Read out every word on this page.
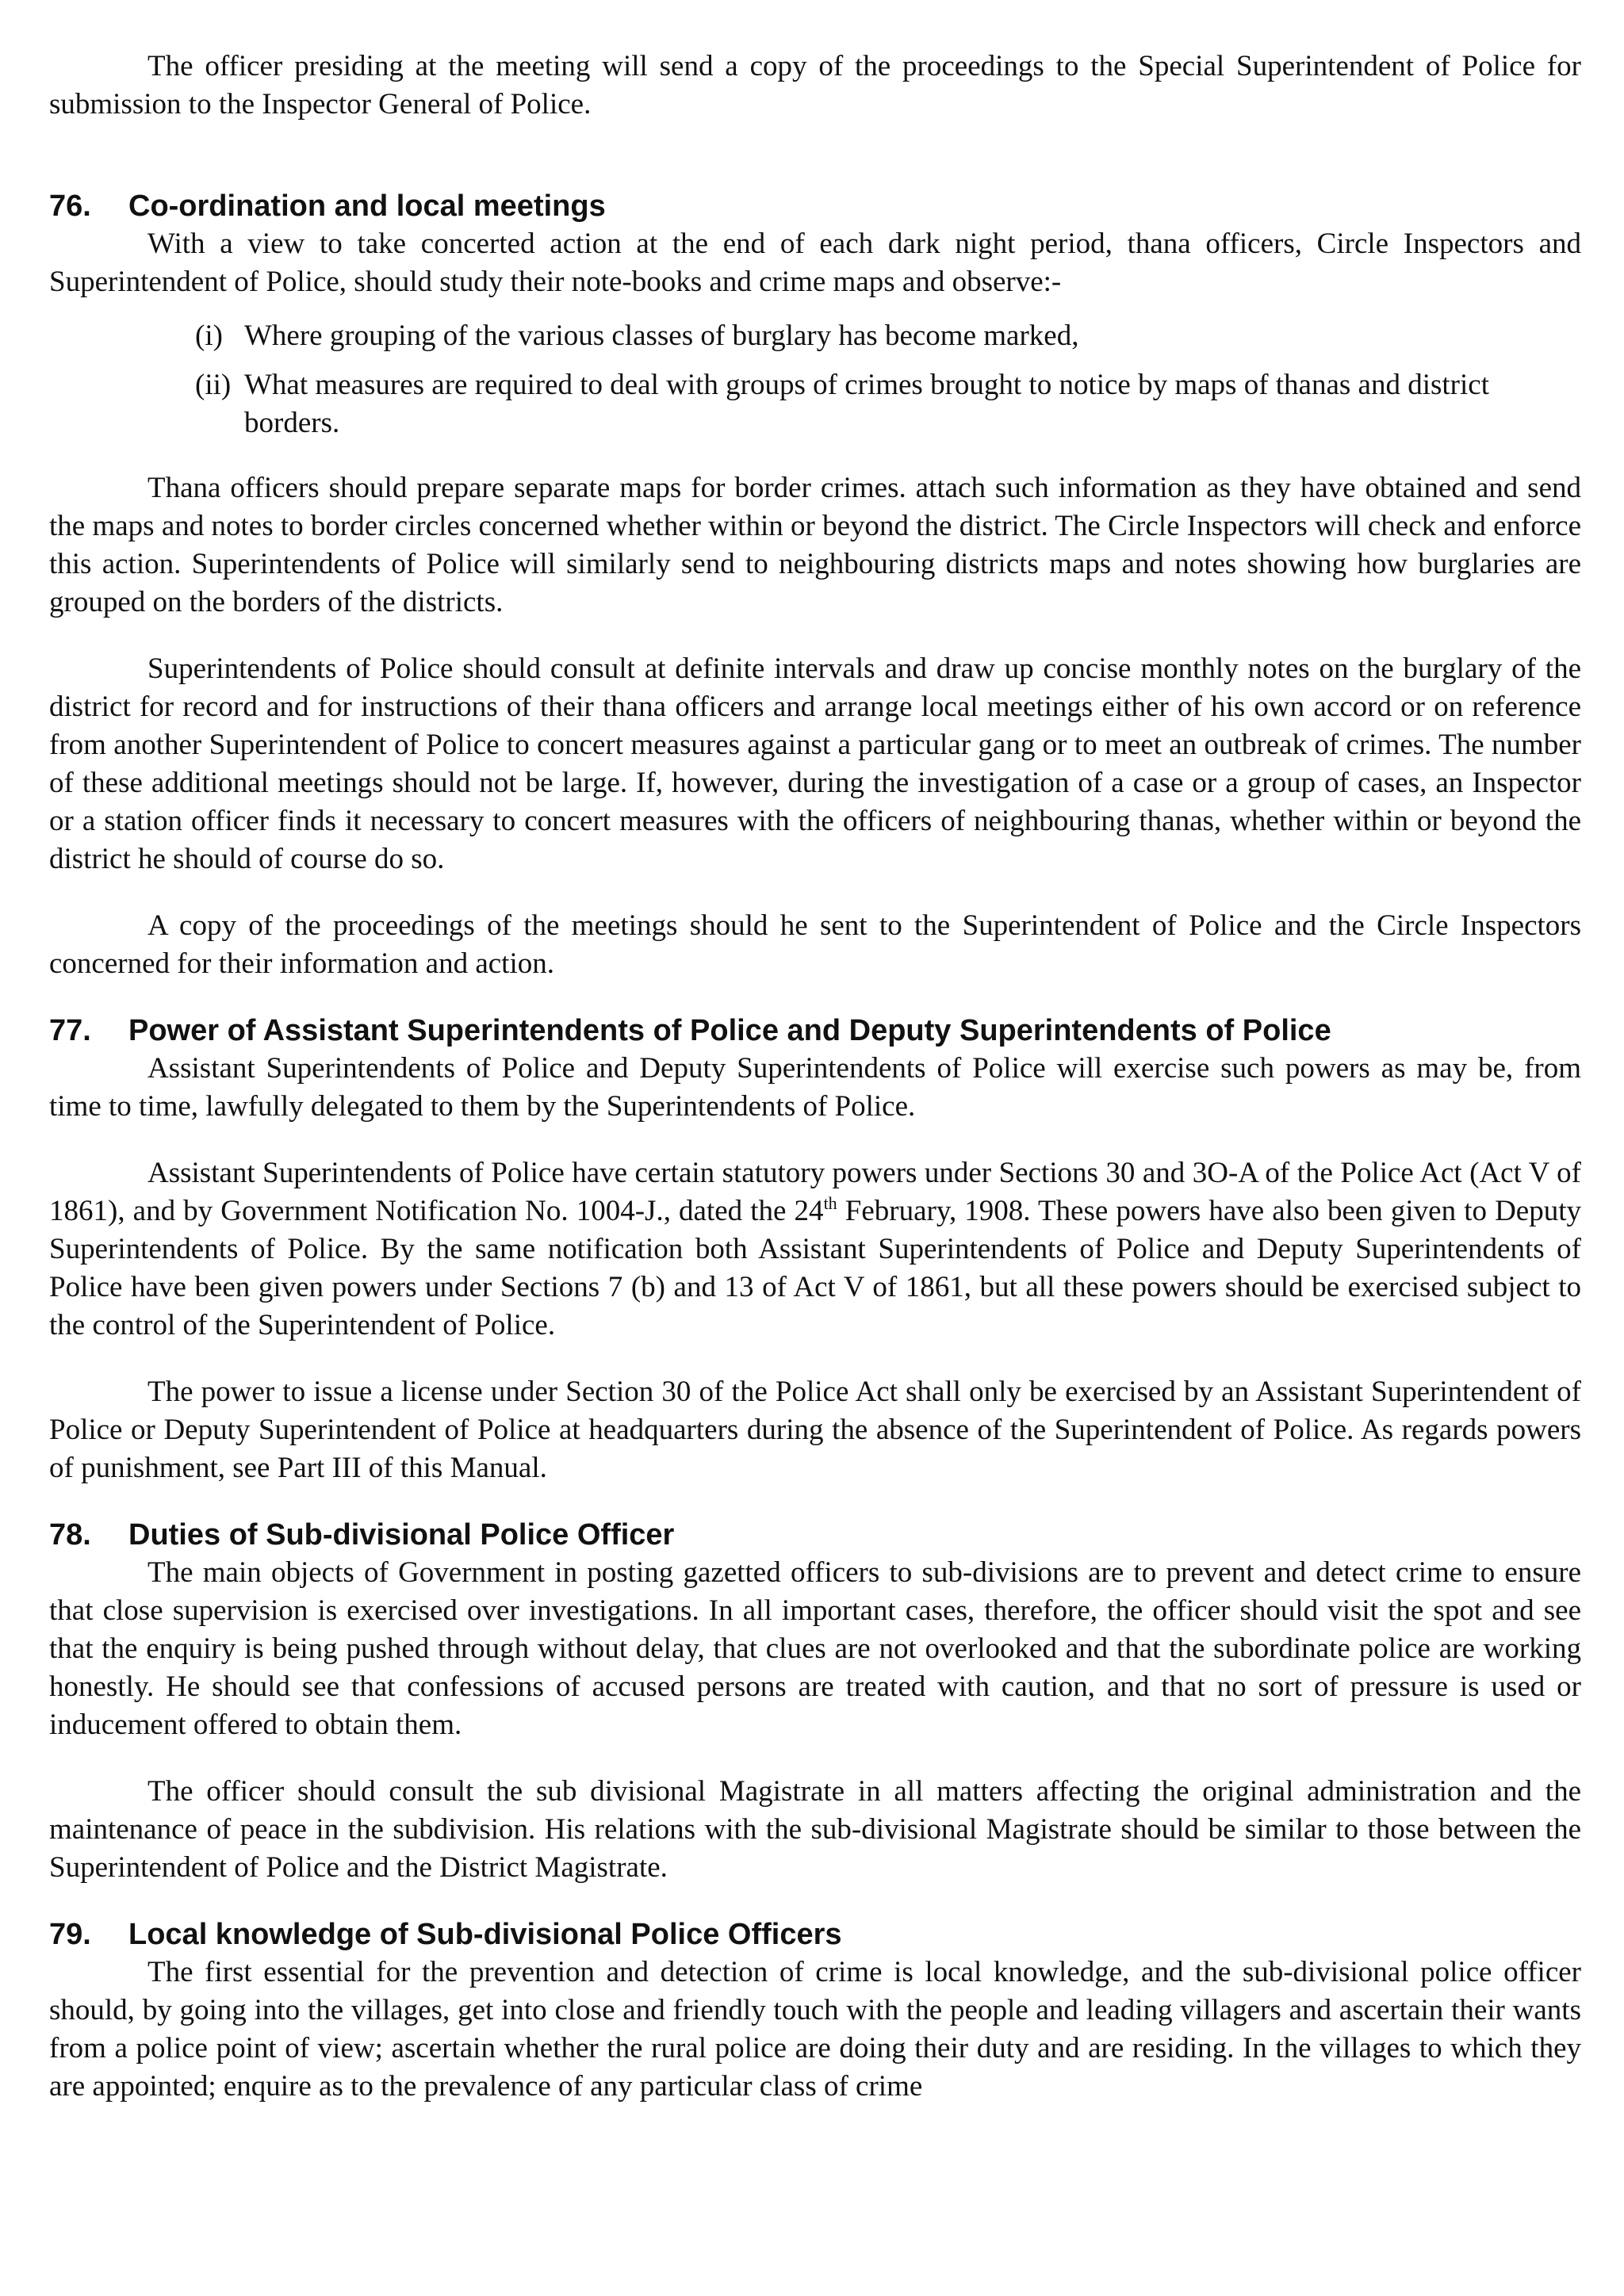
The officer presiding at the meeting will send a copy of the proceedings to the Special Superintendent of Police for submission to the Inspector General of Police.

76.	Co-ordination and local meetings

With a view to take concerted action at the end of each dark night period, thana officers, Circle Inspectors and Superintendent of Police, should study their note-books and crime maps and observe:-

(i) Where grouping of the various classes of burglary has become marked,
(ii) What measures are required to deal with groups of crimes brought to notice by maps of thanas and district borders.

Thana officers should prepare separate maps for border crimes. attach such information as they have obtained and send the maps and notes to border circles concerned whether within or beyond the district. The Circle Inspectors will check and enforce this action. Superintendents of Police will similarly send to neighbouring districts maps and notes showing how burglaries are grouped on the borders of the districts.

Superintendents of Police should consult at definite intervals and draw up concise monthly notes on the burglary of the district for record and for instructions of their thana officers and arrange local meetings either of his own accord or on reference from another Superintendent of Police to concert measures against a particular gang or to meet an outbreak of crimes. The number of these additional meetings should not be large. If, however, during the investigation of a case or a group of cases, an Inspector or a station officer finds it necessary to concert measures with the officers of neighbouring thanas, whether within or beyond the district he should of course do so.

A copy of the proceedings of the meetings should he sent to the Superintendent of Police and the Circle Inspectors concerned for their information and action.

77.	Power of Assistant Superintendents of Police and Deputy Superintendents of Police

Assistant Superintendents of Police and Deputy Superintendents of Police will exercise such powers as may be, from time to time, lawfully delegated to them by the Superintendents of Police.

Assistant Superintendents of Police have certain statutory powers under Sections 30 and 3O-A of the Police Act (Act V of 1861), and by Government Notification No. 1004-J., dated the 24th February, 1908. These powers have also been given to Deputy Superintendents of Police. By the same notification both Assistant Superintendents of Police and Deputy Superintendents of Police have been given powers under Sections 7 (b) and 13 of Act V of 1861, but all these powers should be exercised subject to the control of the Superintendent of Police.

The power to issue a license under Section 30 of the Police Act shall only be exercised by an Assistant Superintendent of Police or Deputy Superintendent of Police at headquarters during the absence of the Superintendent of Police. As regards powers of punishment, see Part III of this Manual.

78.	Duties of Sub-divisional Police Officer

The main objects of Government in posting gazetted officers to sub-divisions are to prevent and detect crime to ensure that close supervision is exercised over investigations. In all important cases, therefore, the officer should visit the spot and see that the enquiry is being pushed through without delay, that clues are not overlooked and that the subordinate police are working honestly. He should see that confessions of accused persons are treated with caution, and that no sort of pressure is used or inducement offered to obtain them.

The officer should consult the sub divisional Magistrate in all matters affecting the original administration and the maintenance of peace in the subdivision. His relations with the sub-divisional Magistrate should be similar to those between the Superintendent of Police and the District Magistrate.

79.	Local knowledge of Sub-divisional Police Officers

The first essential for the prevention and detection of crime is local knowledge, and the sub-divisional police officer should, by going into the villages, get into close and friendly touch with the people and leading villagers and ascertain their wants from a police point of view; ascertain whether the rural police are doing their duty and are residing. In the villages to which they are appointed; enquire as to the prevalence of any particular class of crime
